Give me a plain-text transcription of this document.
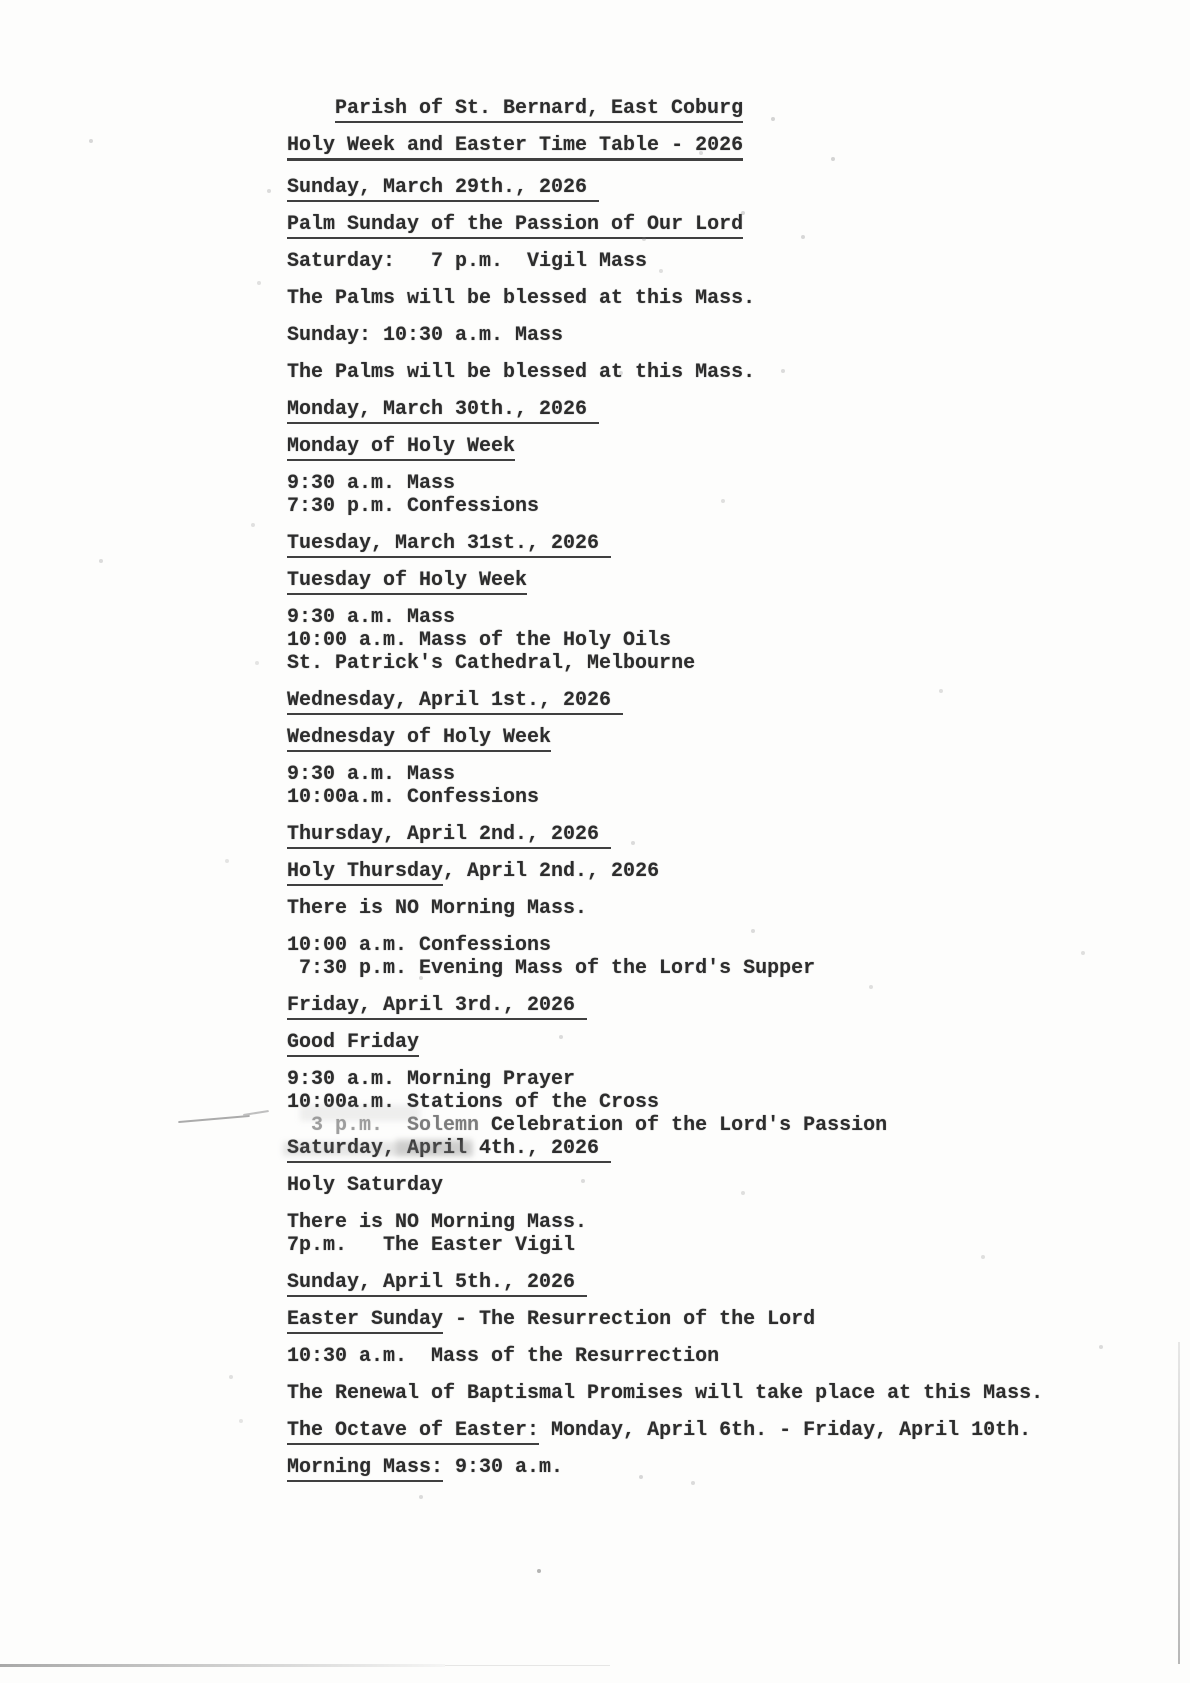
Parish of St. Bernard, East Coburg
Holy Week and Easter Time Table - 2026
Sunday, March 29th., 2026
Palm Sunday of the Passion of Our Lord
Saturday:   7 p.m.  Vigil Mass
The Palms will be blessed at this Mass.
Sunday: 10:30 a.m. Mass
The Palms will be blessed at this Mass.
Monday, March 30th., 2026
Monday of Holy Week
9:30 a.m. Mass
7:30 p.m. Confessions
Tuesday, March 31st., 2026
Tuesday of Holy Week
9:30 a.m. Mass
10:00 a.m. Mass of the Holy Oils
St. Patrick's Cathedral, Melbourne
Wednesday, April 1st., 2026
Wednesday of Holy Week
9:30 a.m. Mass
10:00a.m. Confessions
Thursday, April 2nd., 2026
Holy Thursday, April 2nd., 2026
There is NO Morning Mass.
10:00 a.m. Confessions
7:30 p.m. Evening Mass of the Lord's Supper
Friday, April 3rd., 2026
Good Friday
9:30 a.m. Morning Prayer
10:00a.m. Stations of the Cross
3 p.m.  Solemn Celebration of the Lord's Passion
Saturday, April 4th., 2026
Holy Saturday
There is NO Morning Mass.
7p.m.   The Easter Vigil
Sunday, April 5th., 2026
Easter Sunday - The Resurrection of the Lord
10:30 a.m.  Mass of the Resurrection
The Renewal of Baptismal Promises will take place at this Mass.
The Octave of Easter: Monday, April 6th. - Friday, April 10th.
Morning Mass: 9:30 a.m.
